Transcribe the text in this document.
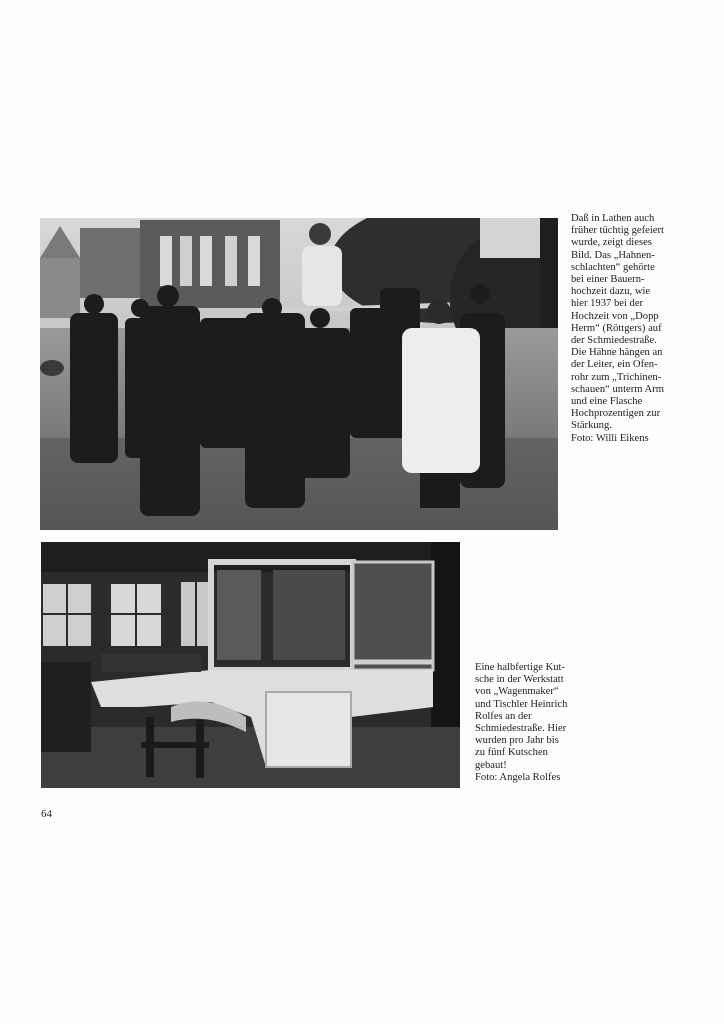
Daß in Lathen auch
früher tüchtig gefeiert
wurde, zeigt dieses
Bild. Das „Hahnen-
schlachten“ gehörte
bei einer Bauern-
hochzeit dazu, wie
hier 1937 bei der
Hochzeit von „Dopp
Herm“ (Röttgers) auf
der Schmiedestraße.
Die Hähne hängen an
der Leiter, ein Ofen-
rohr zum „Trichinen-
schauen“ unterm Arm
und eine Flasche
Hochprozentigen zur
Stärkung.
Foto: Willi Eikens
Eine halbfertige Kut-
sche in der Werkstatt
von „Wagenmaker“
und Tischler Heinrich
Rolfes an der
Schmiedestraße. Hier
wurden pro Jahr bis
zu fünf Kutschen
gebaut!
Foto: Angela Rolfes
64
